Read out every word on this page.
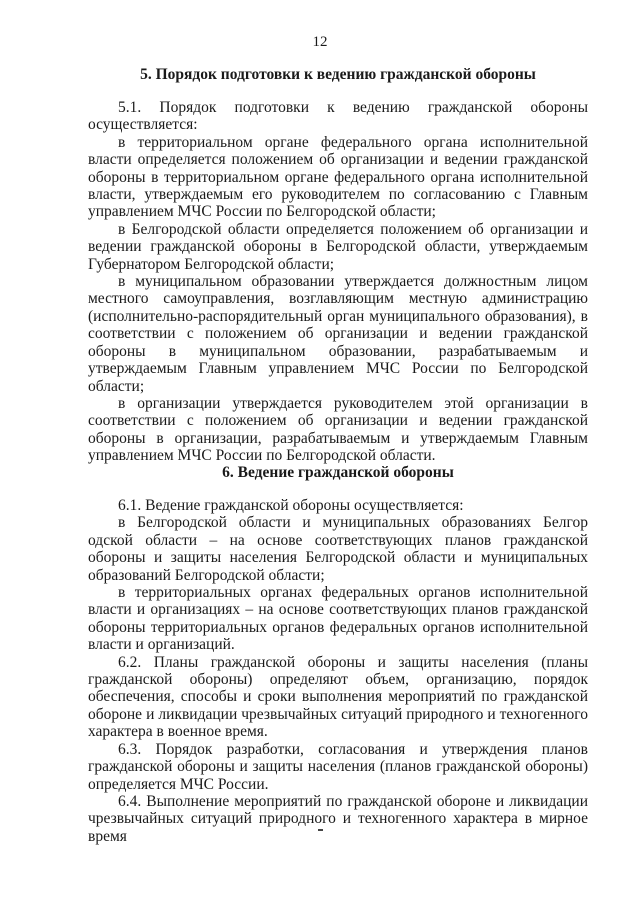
12
5. Порядок подготовки к ведению гражданской обороны

5.1. Порядок подготовки к ведению гражданской обороны осуществляется:

в территориальном органе федерального органа исполнительной власти определяется положением об организации и ведении гражданской обороны в территориальном органе федерального органа исполнительной власти, утверждаемым его руководителем по согласованию с Главным управлением МЧС России по Белгородской области;

в Белгородской области определяется положением об организации и ведении гражданской обороны в Белгородской области, утверждаемым Губернатором Белгородской области;

в муниципальном образовании утверждается должностным лицом местного самоуправления, возглавляющим местную администрацию (исполнительно-распорядительный орган муниципального образования), в соответствии с положением об организации и ведении гражданской обороны в муниципальном образовании, разрабатываемым и утверждаемым Главным управлением МЧС России по Белгородской области;

в организации утверждается руководителем этой организации в соответствии с положением об организации и ведении гражданской обороны в организации, разрабатываемым и утверждаемым Главным управлением МЧС России по Белгородской области.

6. Ведение гражданской обороны

6.1. Ведение гражданской обороны осуществляется:

в Белгородской области и муниципальных образованиях Белгор одской области – на основе соответствующих планов гражданской обороны и защиты населения Белгородской области и муниципальных образований Белгородской области;

в территориальных органах федеральных органов исполнительной власти и организациях – на основе соответствующих планов гражданской обороны территориальных органов федеральных органов исполнительной власти и организаций.

6.2. Планы гражданской обороны и защиты населения (планы гражданской обороны) определяют объем, организацию, порядок обеспечения, способы и сроки выполнения мероприятий по гражданской обороне и ликвидации чрезвычайных ситуаций природного и техногенного характера в военное время.

6.3. Порядок разработки, согласования и утверждения планов гражданской обороны и защиты населения (планов гражданской обороны) определяется МЧС России.

6.4. Выполнение мероприятий по гражданской обороне и ликвидации чрезвычайных ситуаций природного и техногенного характера в мирное время
